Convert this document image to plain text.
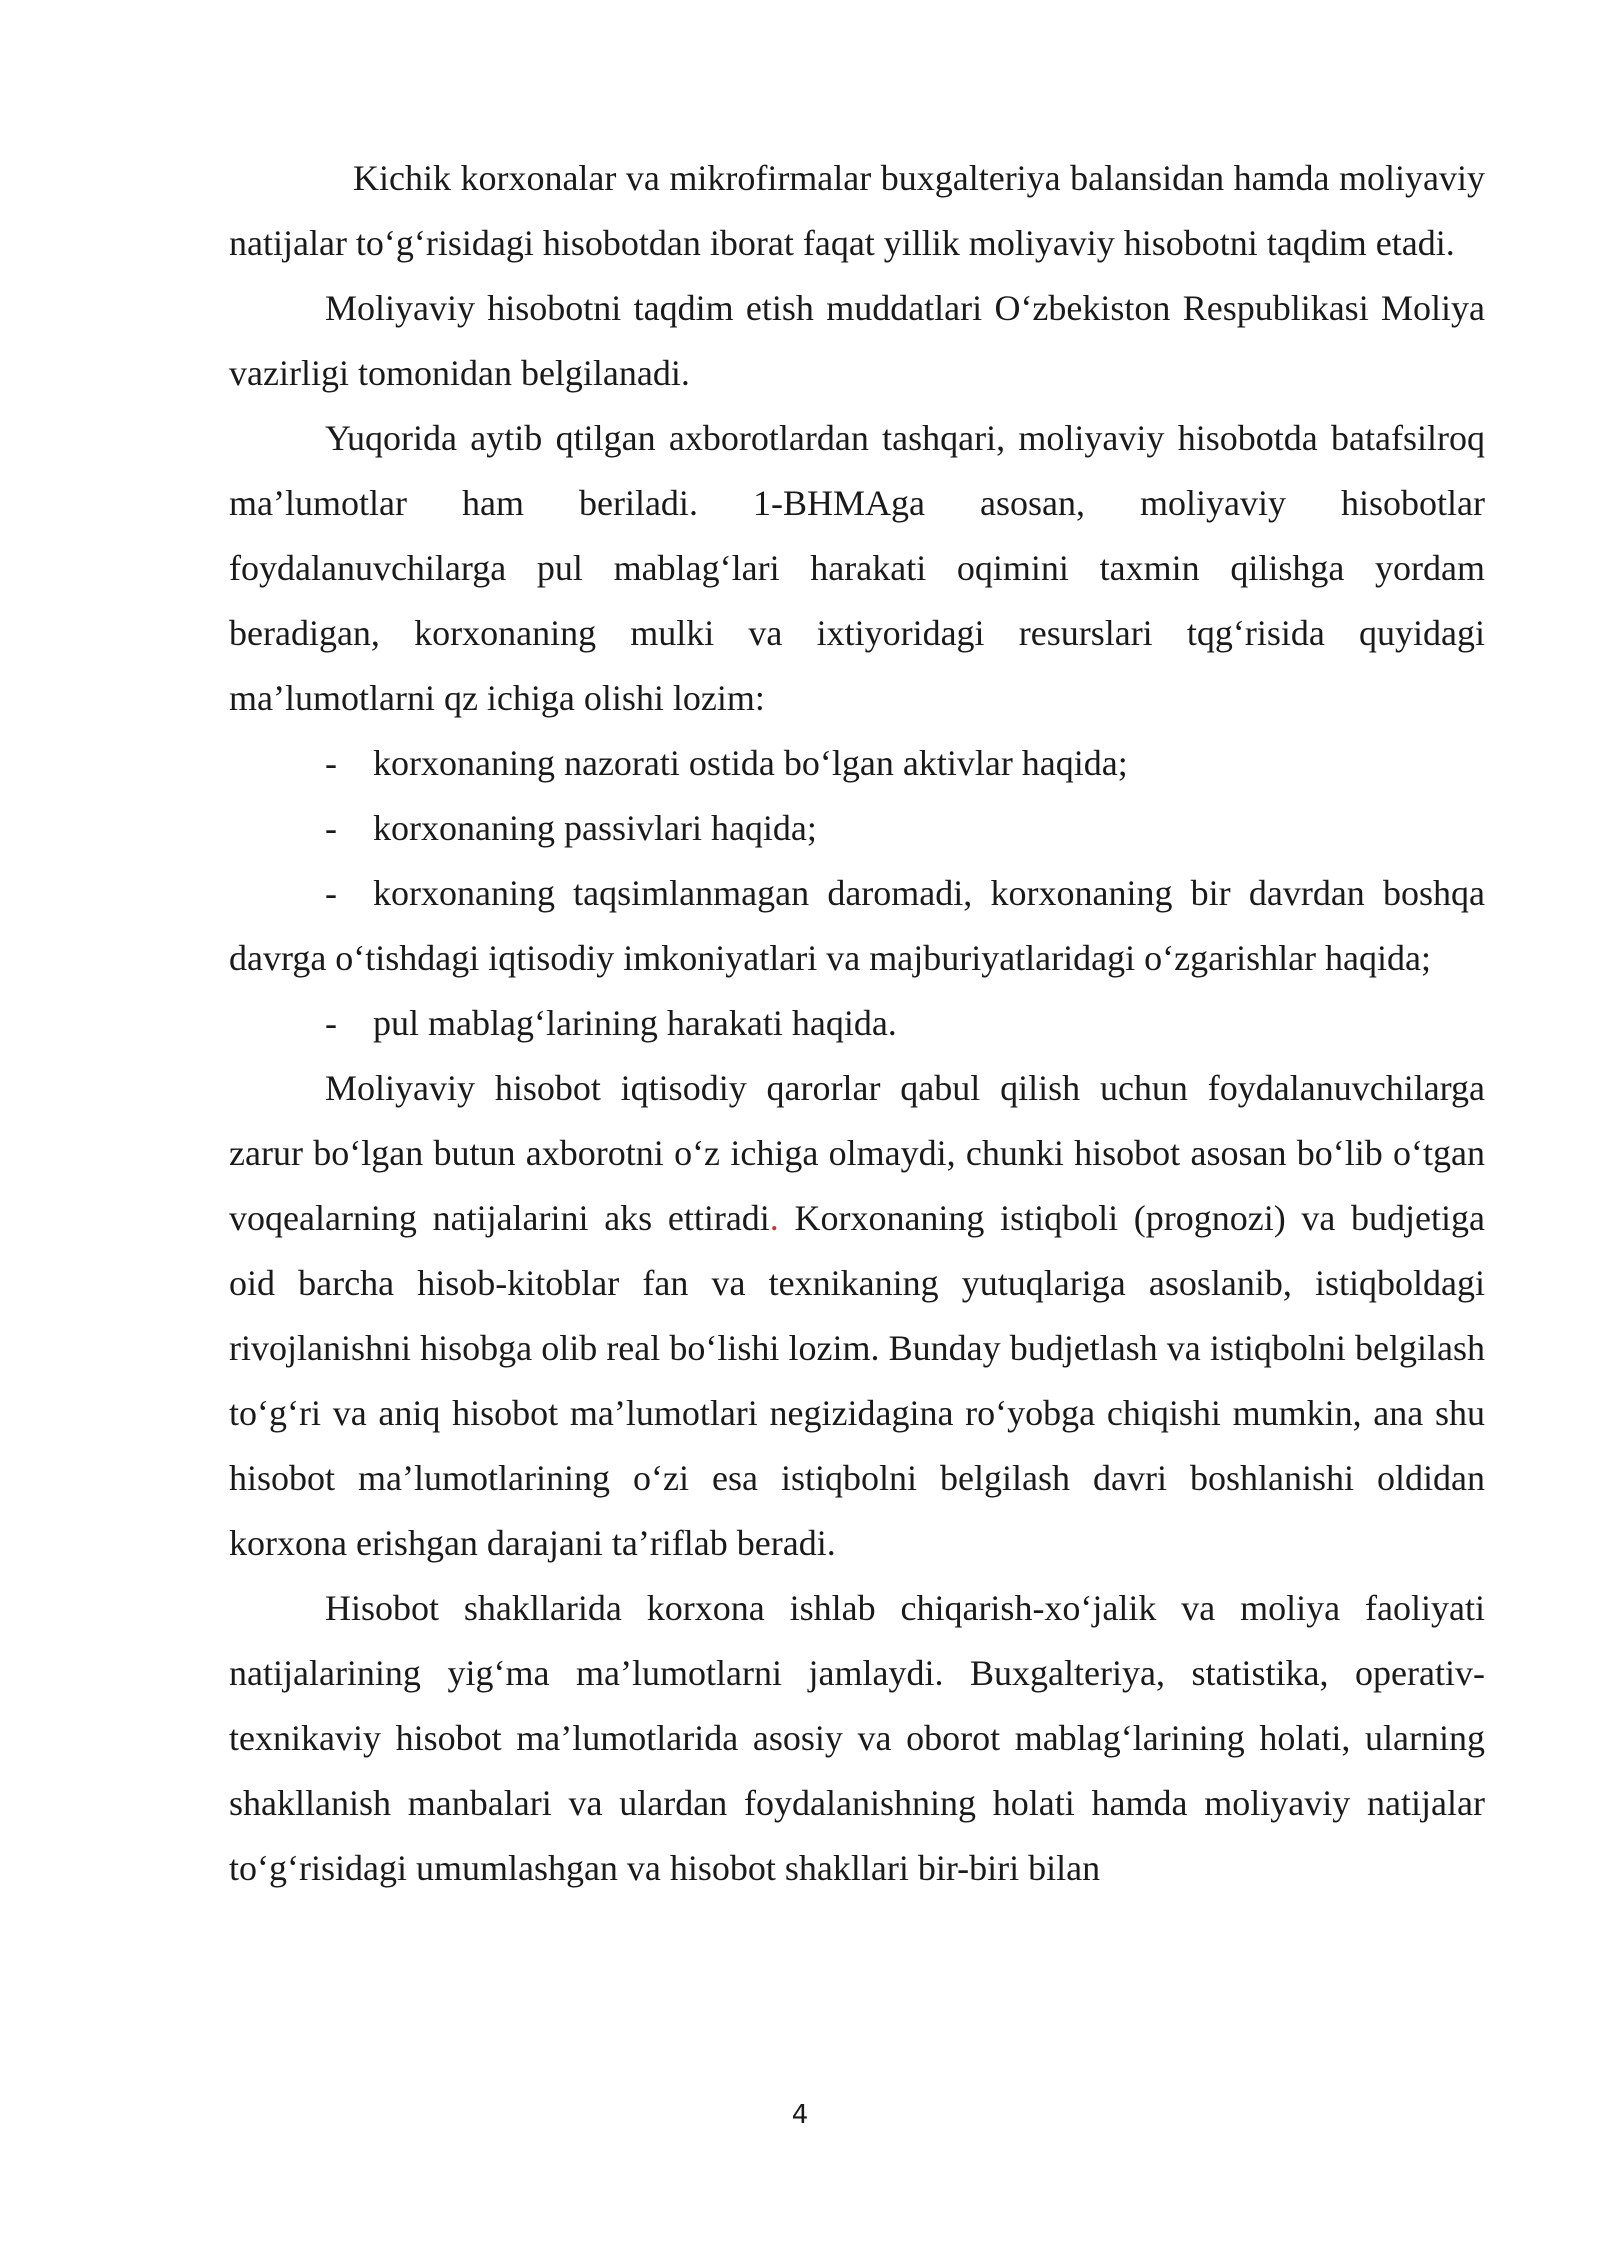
Kichik korxonalar va mikrofirmalar buxgalteriya balansidan hamda moliyaviy natijalar to‘g‘risidagi hisobotdan iborat faqat yillik moliyaviy hisobotni taqdim etadi.

Moliyaviy hisobotni taqdim etish muddatlari O‘zbekiston Respublikasi Moliya vazirligi tomonidan belgilanadi.

Yuqorida aytib qtilgan axborotlardan tashqari, moliyaviy hisobotda batafsilroq ma’lumotlar ham beriladi. 1-BHMAga asosan, moliyaviy hisobotlar foydalanuvchilarga pul mablag‘lari harakati oqimini taxmin qilishga yordam beradigan, korxonaning mulki va ixtiyoridagi resurslari tqg‘risida quyidagi ma’lumotlarni qz ichiga olishi lozim:

- korxonaning nazorati ostida bo‘lgan aktivlar haqida;

- korxonaning passivlari haqida;

- korxonaning taqsimlanmagan daromadi, korxonaning bir davrdan boshqa davrga o‘tishdagi iqtisodiy imkoniyatlari va majburiyatlaridagi o‘zgarishlar haqida;

- pul mablag‘larining harakati haqida.

Moliyaviy hisobot iqtisodiy qarorlar qabul qilish uchun foydalanuvchilarga zarur bo‘lgan butun axborotni o‘z ichiga olmaydi, chunki hisobot asosan bo‘lib o‘tgan voqealarning natijalarini aks ettiradi. Korxonaning istiqboli (prognozi) va budjetiga oid barcha hisob-kitoblar fan va texnikaning yutuqlariga asoslanib, istiqboldagi rivojlanishni hisobga olib real bo‘lishi lozim. Bunday budjetlash va istiqbolni belgilash to‘g‘ri va aniq hisobot ma’lumotlari negizidagina ro‘yobga chiqishi mumkin, ana shu hisobot ma’lumotlarining o‘zi esa istiqbolni belgilash davri boshlanishi oldidan korxona erishgan darajani ta’riflab beradi.

Hisobot shakllarida korxona ishlab chiqarish-xo‘jalik va moliya faoliyati natijalarining yig‘ma ma’lumotlarni jamlaydi. Buxgalteriya, statistika, operativ-texnikaviy hisobot ma’lumotlarida asosiy va oborot mablag‘larining holati, ularning shakllanish manbalari va ulardan foydalanishning holati hamda moliyaviy natijalar to‘g‘risidagi umumlashgan va hisobot shakllari bir-biri bilan

4
